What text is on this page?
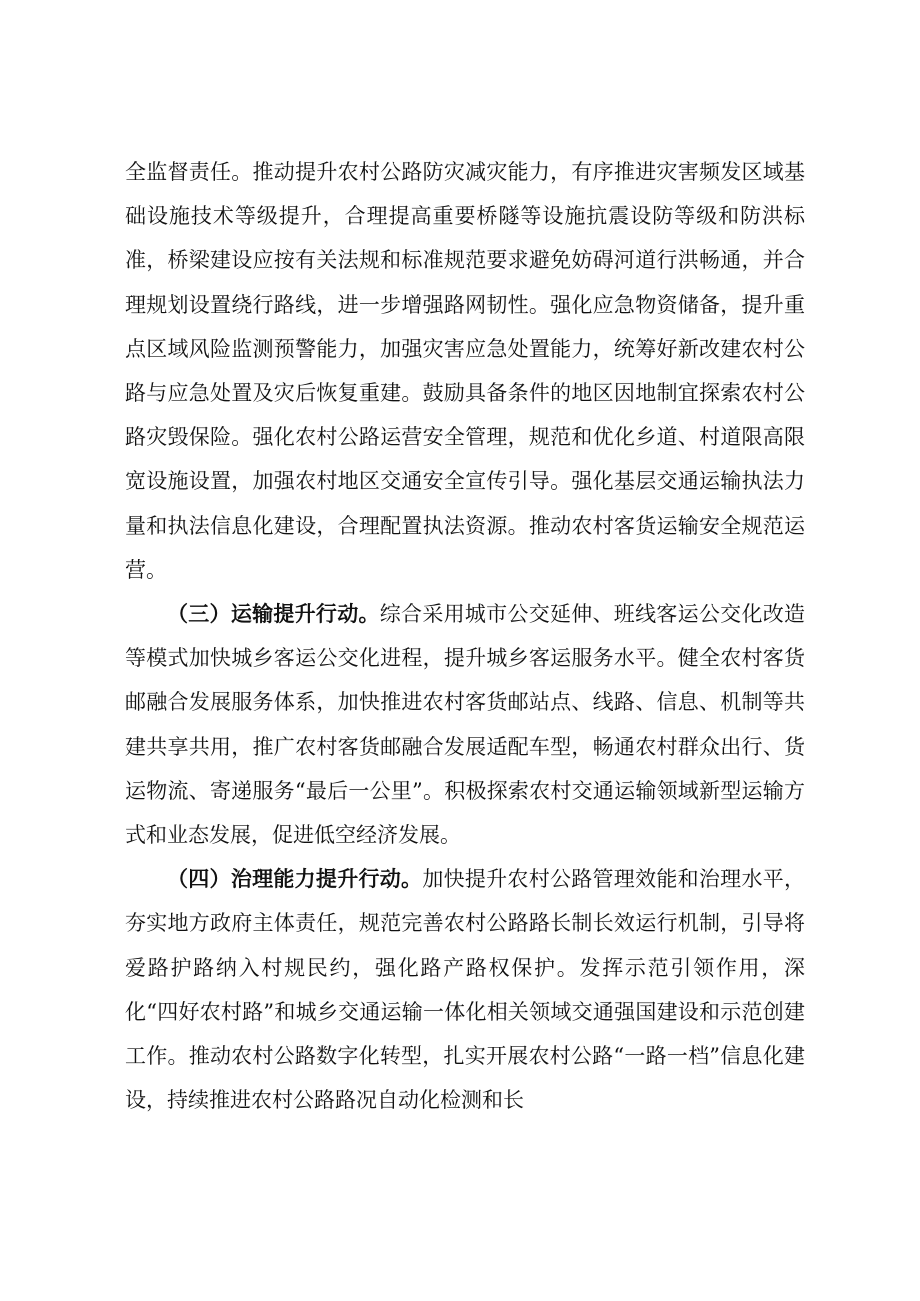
全监督责任。推动提升农村公路防灾减灾能力，有序推进灾害频发区域基础设施技术等级提升，合理提高重要桥隧等设施抗震设防等级和防洪标准，桥梁建设应按有关法规和标准规范要求避免妨碍河道行洪畅通，并合理规划设置绕行路线，进一步增强路网韧性。强化应急物资储备，提升重点区域风险监测预警能力，加强灾害应急处置能力，统筹好新改建农村公路与应急处置及灾后恢复重建。鼓励具备条件的地区因地制宜探索农村公路灾毁保险。强化农村公路运营安全管理，规范和优化乡道、村道限高限宽设施设置，加强农村地区交通安全宣传引导。强化基层交通运输执法力量和执法信息化建设，合理配置执法资源。推动农村客货运输安全规范运营。

（三）运输提升行动。综合采用城市公交延伸、班线客运公交化改造等模式加快城乡客运公交化进程，提升城乡客运服务水平。健全农村客货邮融合发展服务体系，加快推进农村客货邮站点、线路、信息、机制等共建共享共用，推广农村客货邮融合发展适配车型，畅通农村群众出行、货运物流、寄递服务“最后一公里”。积极探索农村交通运输领域新型运输方式和业态发展，促进低空经济发展。

（四）治理能力提升行动。加快提升农村公路管理效能和治理水平，夯实地方政府主体责任，规范完善农村公路路长制长效运行机制，引导将爱路护路纳入村规民约，强化路产路权保护。发挥示范引领作用，深化“四好农村路”和城乡交通运输一体化相关领域交通强国建设和示范创建工作。推动农村公路数字化转型，扎实开展农村公路“一路一档”信息化建设，持续推进农村公路路况自动化检测和长
